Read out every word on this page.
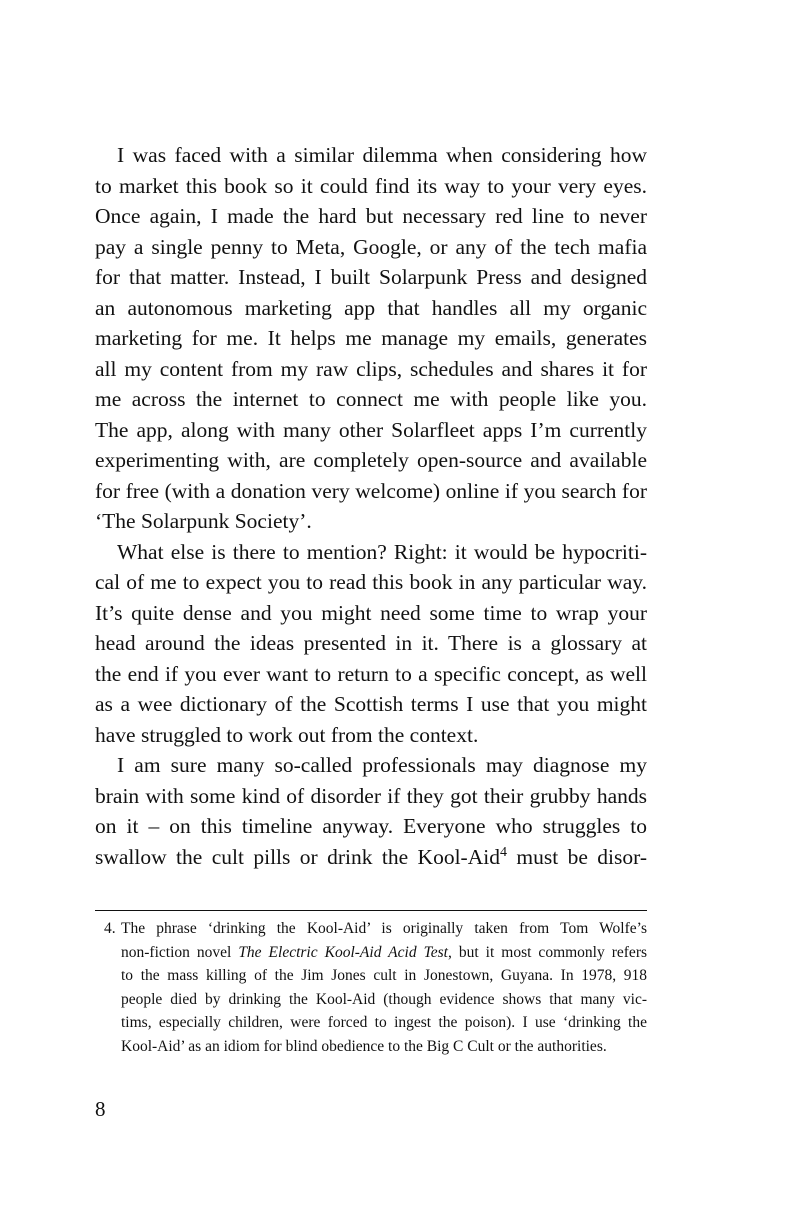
I was faced with a similar dilemma when considering how
to market this book so it could find its way to your very eyes.
Once again, I made the hard but necessary red line to never
pay a single penny to Meta, Google, or any of the tech mafia
for that matter. Instead, I built Solarpunk Press and designed
an autonomous marketing app that handles all my organic
marketing for me. It helps me manage my emails, generates
all my content from my raw clips, schedules and shares it for
me across the internet to connect me with people like you.
The app, along with many other Solarfleet apps I’m currently
experimenting with, are completely open-source and available
for free (with a donation very welcome) online if you search for
‘The Solarpunk Society’.
What else is there to mention? Right: it would be hypocriti-
cal of me to expect you to read this book in any particular way.
It’s quite dense and you might need some time to wrap your
head around the ideas presented in it. There is a glossary at
the end if you ever want to return to a specific concept, as well
as a wee dictionary of the Scottish terms I use that you might
have struggled to work out from the context.
I am sure many so-called professionals may diagnose my
brain with some kind of disorder if they got their grubby hands
on it – on this timeline anyway. Everyone who struggles to
swallow the cult pills or drink the Kool-Aid$^4$ must be disor-
4. The phrase ‘drinking the Kool-Aid’ is originally taken from Tom Wolfe’s
non-fiction novel The Electric Kool-Aid Acid Test, but it most commonly refers
to the mass killing of the Jim Jones cult in Jonestown, Guyana. In 1978, 918
people died by drinking the Kool-Aid (though evidence shows that many vic-
tims, especially children, were forced to ingest the poison). I use ‘drinking the
Kool-Aid’ as an idiom for blind obedience to the Big C Cult or the authorities.
8
